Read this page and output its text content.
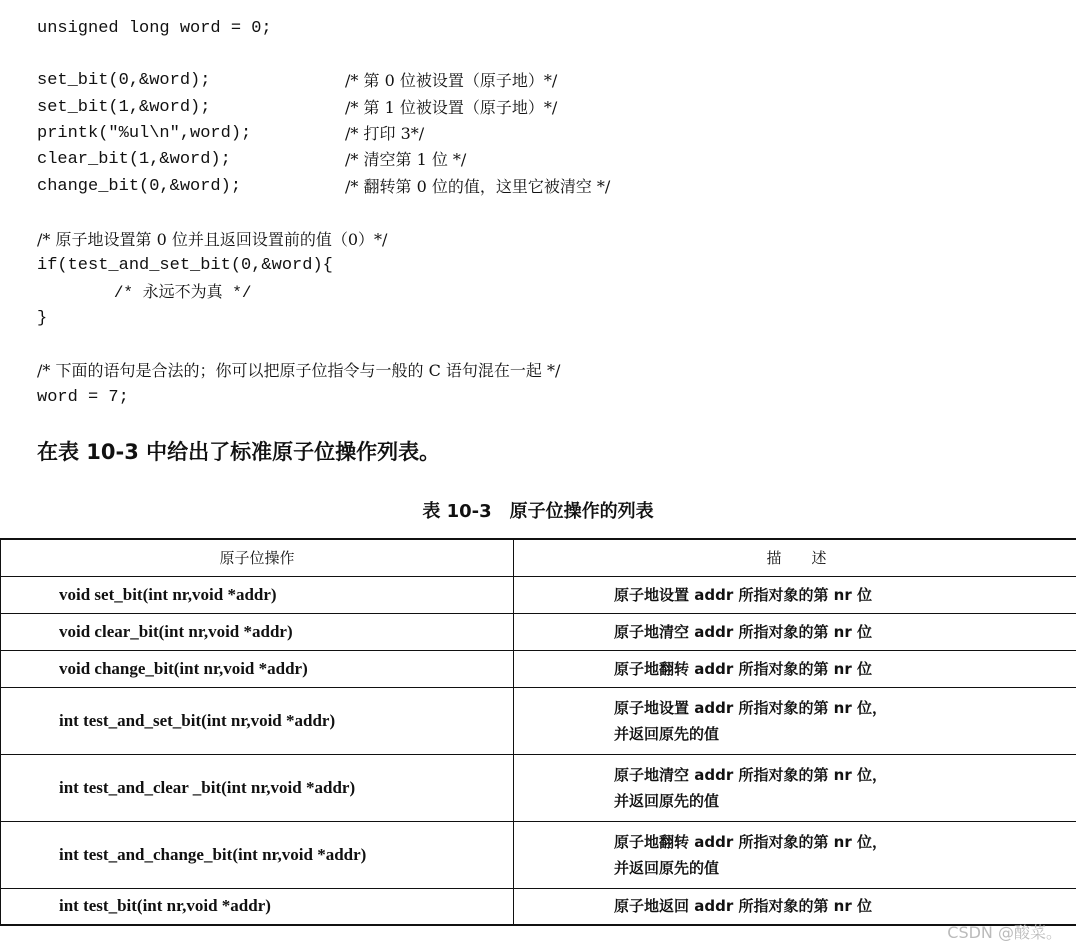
unsigned long word = 0;
set_bit(0,&word);	/* 第 0 位被设置（原子地）*/
set_bit(1,&word);	/* 第 1 位被设置（原子地）*/
printk("%ul\n",word);	/* 打印 3*/
clear_bit(1,&word);	/* 清空第 1 位 */
change_bit(0,&word);	/* 翻转第 0 位的值，这里它被清空 */
/* 原子地设置第 0 位并且返回设置前的值（0）*/
if(test_and_set_bit(0,&word){
/* 永远不为真 */
}
/* 下面的语句是合法的；你可以把原子位指令与一般的 C 语句混在一起 */
word = 7;
在表 10-3 中给出了标准原子位操作列表。
表 10-3　原子位操作的列表
原子位操作	描　　述
void set_bit(int nr,void *addr)	原子地设置 addr 所指对象的第 nr 位
void clear_bit(int nr,void *addr)	原子地清空 addr 所指对象的第 nr 位
void change_bit(int nr,void *addr)	原子地翻转 addr 所指对象的第 nr 位
int test_and_set_bit(int nr,void *addr)	原子地设置 addr 所指对象的第 nr 位，
并返回原先的值
int test_and_clear _bit(int nr,void *addr)	原子地清空 addr 所指对象的第 nr 位，
并返回原先的值
int test_and_change_bit(int nr,void *addr)	原子地翻转 addr 所指对象的第 nr 位，
并返回原先的值
int test_bit(int nr,void *addr)	原子地返回 addr 所指对象的第 nr 位
CSDN @酸菜。
